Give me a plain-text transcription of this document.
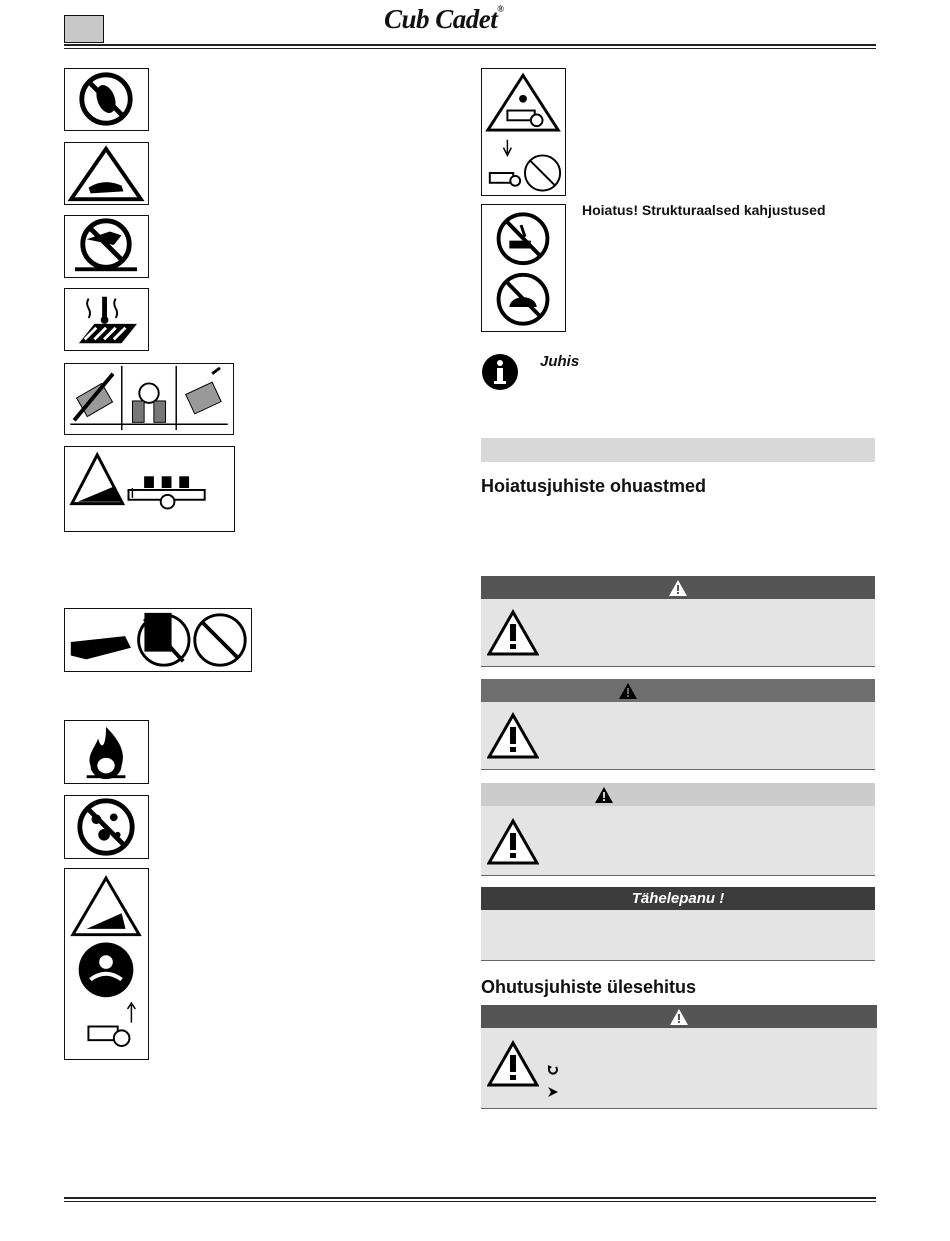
Cub Cadet®
Hoiatus! Strukturaalsed kahjustused
Juhis
Hoiatusjuhiste ohuastmed
Tähelepanu !
Ohutusjuhiste ülesehitus
